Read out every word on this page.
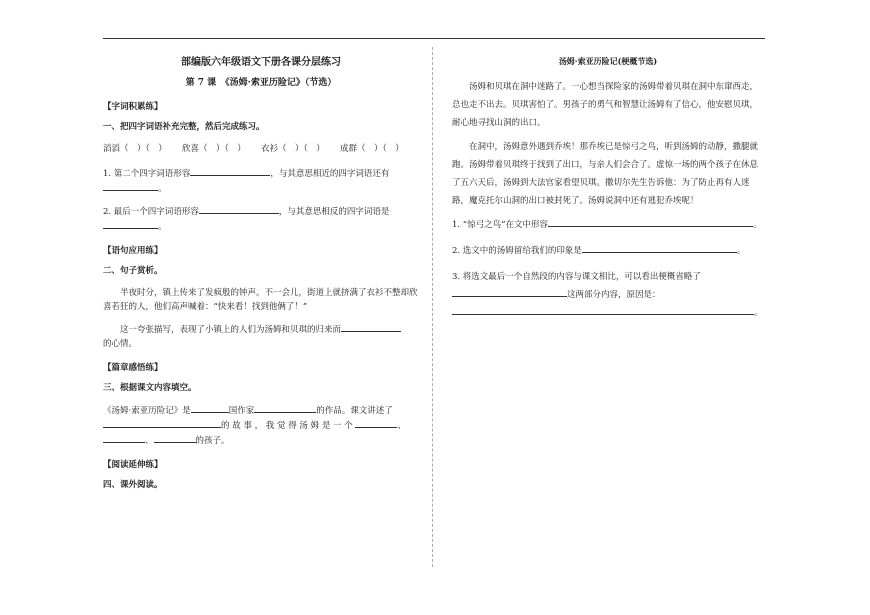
部编版六年级语文下册各课分层练习
第 7 课　《汤姆·索亚历险记》（节选）
【字词积累练】
一、把四字词语补充完整，然后完成练习。
滔滔（　）（　）	欣喜（　）（　）	衣衫（　）（　）	成群（　）（　）

1. 第二个四字词语形容	，与其意思相近的四字词语还有
。

2. 最后一个四字词语形容	，与其意思相反的四字词语是
。

【语句应用练】
二、句子赏析。

半夜时分，镇上传来了发疯般的钟声。不一会儿，街道上就挤满了衣衫不整却欣喜若狂的人，他们高声喊着：“快来看！找到他俩了！”

这一夸张描写，表现了小镇上的人们为汤姆和贝琪的归来而
的心情。

【篇章感悟练】
三、根据课文内容填空。

《汤姆·索亚历险记》是	国作家	的作品。课文讲述了
的 故 事 ， 我 觉 得 汤 姆 是 一 个	、
、	的孩子。

【阅读延伸练】
四、课外阅读。
汤姆·索亚历险记(梗概节选)

汤姆和贝琪在洞中迷路了。一心想当探险家的汤姆带着贝琪在洞中东窜西走，总也走不出去。贝琪害怕了。男孩子的勇气和智慧让汤姆有了信心，他安慰贝琪，耐心地寻找山洞的出口。

在洞中，汤姆意外遇到乔埃！那乔埃已是惊弓之鸟，听到汤姆的动静，撒腿就跑。汤姆带着贝琪终于找到了出口，与亲人们会合了。虚惊一场的两个孩子在休息了五六天后，汤姆到大法官家看望贝琪。撒切尔先生告诉他：为了防止再有人迷路，魔克托尔山洞的出口被封死了。汤姆说洞中还有逃犯乔埃呢！

1. “惊弓之鸟”在文中形容	。

2. 选文中的汤姆留给我们的印象是	。

3. 将选文最后一个自然段的内容与课文相比，可以看出梗概省略了
这两部分内容，原因是：
。
